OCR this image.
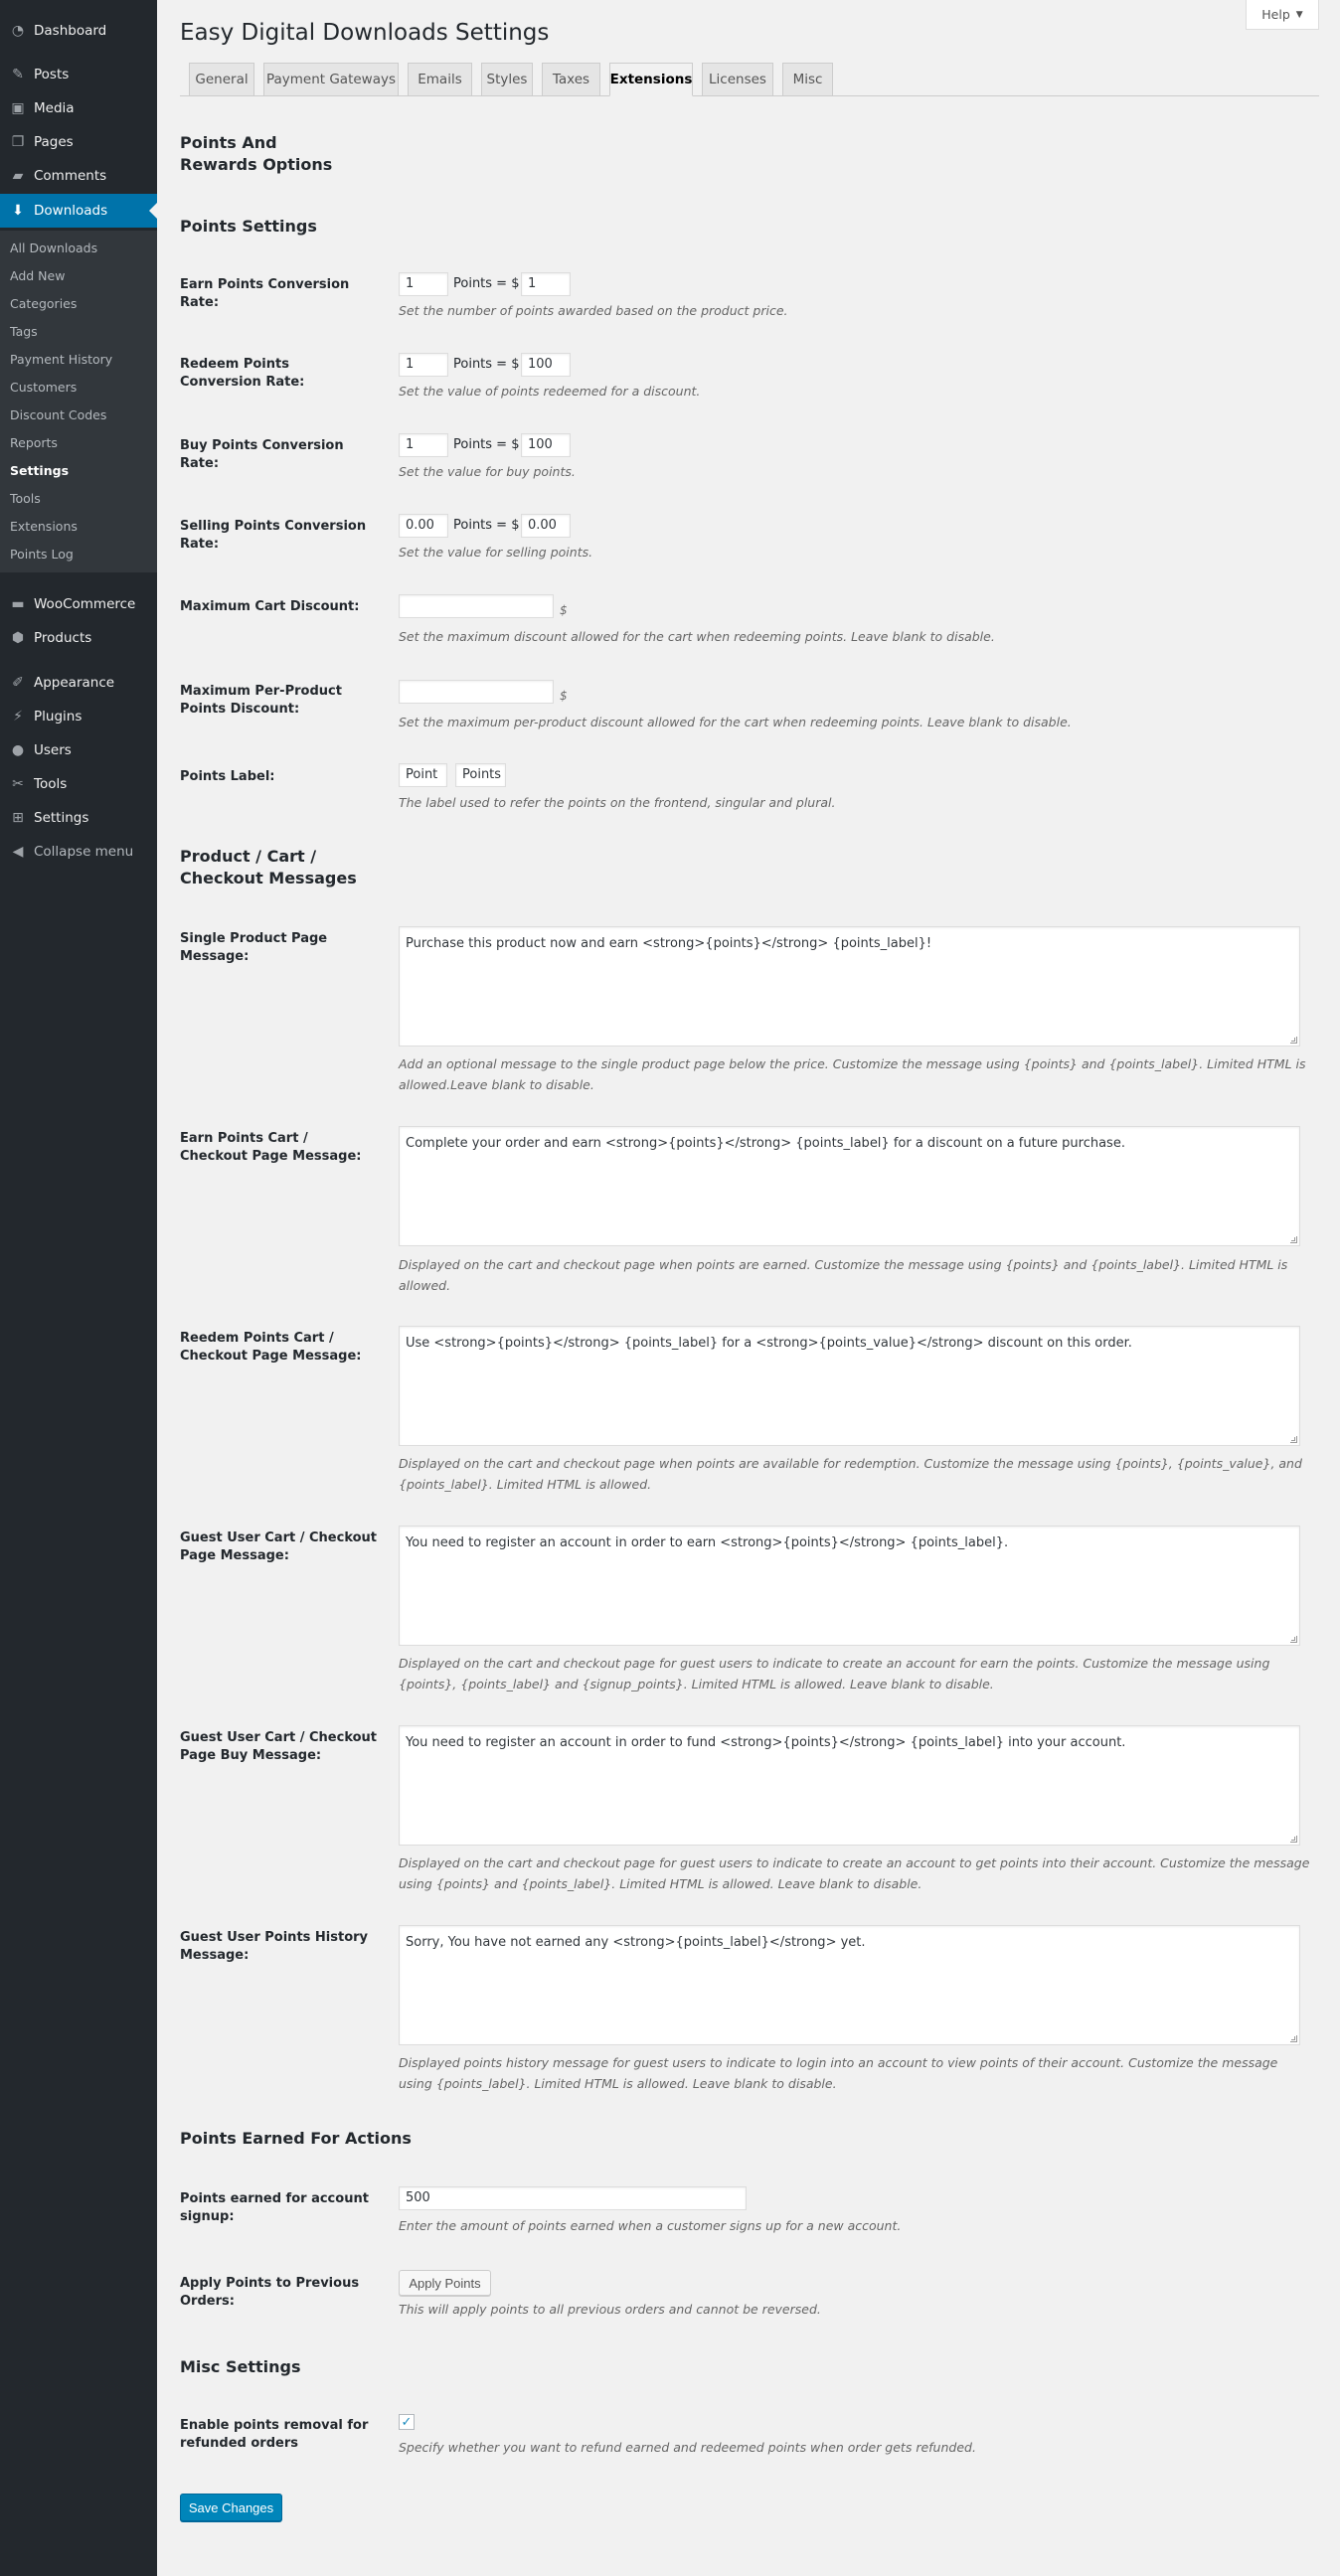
◔ Dashboard
✎ Posts
▣ Media
❐ Pages
▰ Comments
⬇ Downloads
All Downloads
Add New
Categories
Tags
Payment History
Customers
Discount Codes
Reports
Settings
Tools
Extensions
Points Log
▬ WooCommerce
⬢ Products
✐ Appearance
⚡ Plugins
● Users
✂ Tools
⊞ Settings
◀ Collapse menu
Help ▼
Easy Digital Downloads Settings
General	Payment Gateways	Emails	Styles	Taxes	Extensions	Licenses	Misc
Points And Rewards Options
Points Settings
Earn Points Conversion Rate:
1	Points = $ 1
Set the number of points awarded based on the product price.
Redeem Points Conversion Rate:
1	Points = $ 100
Set the value of points redeemed for a discount.
Buy Points Conversion Rate:
1	Points = $ 100
Set the value for buy points.
Selling Points Conversion Rate:
0.00	Points = $ 0.00
Set the value for selling points.
Maximum Cart Discount:	$
Set the maximum discount allowed for the cart when redeeming points. Leave blank to disable.
Maximum Per-Product Points Discount:
$
Set the maximum per-product discount allowed for the cart when redeeming points. Leave blank to disable.
Points Label:	Point	Points
The label used to refer the points on the frontend, singular and plural.
Product / Cart / Checkout Messages
Single Product Page Message:
Purchase this product now and earn <strong>{points}</strong> {points_label}!
Add an optional message to the single product page below the price. Customize the message using {points} and {points_label}. Limited HTML is allowed.Leave blank to disable.
Earn Points Cart / Checkout Page Message:
Complete your order and earn <strong>{points}</strong> {points_label} for a discount on a future purchase.
Displayed on the cart and checkout page when points are earned. Customize the message using {points} and {points_label}. Limited HTML is allowed.
Reedem Points Cart / Checkout Page Message:
Use <strong>{points}</strong> {points_label} for a <strong>{points_value}</strong> discount on this order.
Displayed on the cart and checkout page when points are available for redemption. Customize the message using {points}, {points_value}, and {points_label}. Limited HTML is allowed.
Guest User Cart / Checkout Page Message:
You need to register an account in order to earn <strong>{points}</strong> {points_label}.
Displayed on the cart and checkout page for guest users to indicate to create an account for earn the points. Customize the message using {points}, {points_label} and {signup_points}. Limited HTML is allowed. Leave blank to disable.
Guest User Cart / Checkout Page Buy Message:
You need to register an account in order to fund <strong>{points}</strong> {points_label} into your account.
Displayed on the cart and checkout page for guest users to indicate to create an account to get points into their account. Customize the message using {points} and {points_label}. Limited HTML is allowed. Leave blank to disable.
Guest User Points History Message:
Sorry, You have not earned any <strong>{points_label}</strong> yet.
Displayed points history message for guest users to indicate to login into an account to view points of their account. Customize the message using {points_label}. Limited HTML is allowed. Leave blank to disable.
Points Earned For Actions
Points earned for account signup:
500
Enter the amount of points earned when a customer signs up for a new account.
Apply Points to Previous Orders:
Apply Points
This will apply points to all previous orders and cannot be reversed.
Misc Settings
Enable points removal for refunded orders
✓
Specify whether you want to refund earned and redeemed points when order gets refunded.
Save Changes
